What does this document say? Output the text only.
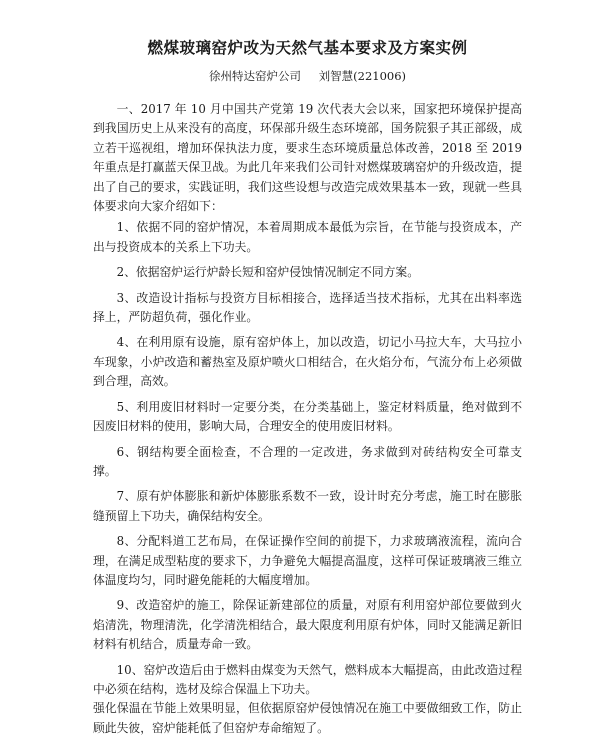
燃煤玻璃窑炉改为天然气基本要求及方案实例
徐州特达窑炉公司 刘智慧(221006)

一、2017 年 10 月中国共产党第 19 次代表大会以来，国家把环境保护提高到我国历史上从来没有的高度，环保部升级生态环境部，国务院狠子其正部级，成立若干巡视组，增加环保执法力度，要求生态环境质量总体改善，2018 至 2019 年重点是打赢蓝天保卫战。为此几年来我们公司针对燃煤玻璃窑炉的升级改造，提出了自己的要求，实践证明，我们这些设想与改造完成效果基本一致，现就一些具体要求向大家介绍如下：

1、依据不同的窑炉情况，本着周期成本最低为宗旨，在节能与投资成本，产出与投资成本的关系上下功夫。

2、依据窑炉运行炉龄长短和窑炉侵蚀情况制定不同方案。

3、改造设计指标与投资方目标相接合，选择适当技术指标，尤其在出料率选择上，严防超负荷，强化作业。

4、在利用原有设施，原有窑炉体上，加以改造，切记小马拉大车，大马拉小车现象，小炉改造和蓄热室及原炉喷火口相结合，在火焰分布，气流分布上必须做到合理，高效。

5、利用废旧材料时一定要分类，在分类基础上，鉴定材料质量，绝对做到不因废旧材料的使用，影响大局，合理安全的使用废旧材料。

6、钢结构要全面检查，不合理的一定改进，务求做到对砖结构安全可靠支撑。

7、原有炉体膨胀和新炉体膨胀系数不一致，设计时充分考虑，施工时在膨胀缝预留上下功夫，确保结构安全。

8、分配料道工艺布局，在保证操作空间的前提下，力求玻璃液流程，流向合理，在满足成型粘度的要求下，力争避免大幅提高温度，这样可保证玻璃液三维立体温度均匀，同时避免能耗的大幅度增加。

9、改造窑炉的施工，除保证新建部位的质量，对原有利用窑炉部位要做到火焰清洗，物理清洗，化学清洗相结合，最大限度利用原有炉体，同时又能满足新旧材料有机结合，质量寿命一致。

10、窑炉改造后由于燃料由煤变为天然气，燃料成本大幅提高，由此改造过程中必须在结构，选材及综合保温上下功夫。

强化保温在节能上效果明显，但依据原窑炉侵蚀情况在施工中要做细致工作，防止顾此失彼，窑炉能耗低了但窑炉寿命缩短了。
